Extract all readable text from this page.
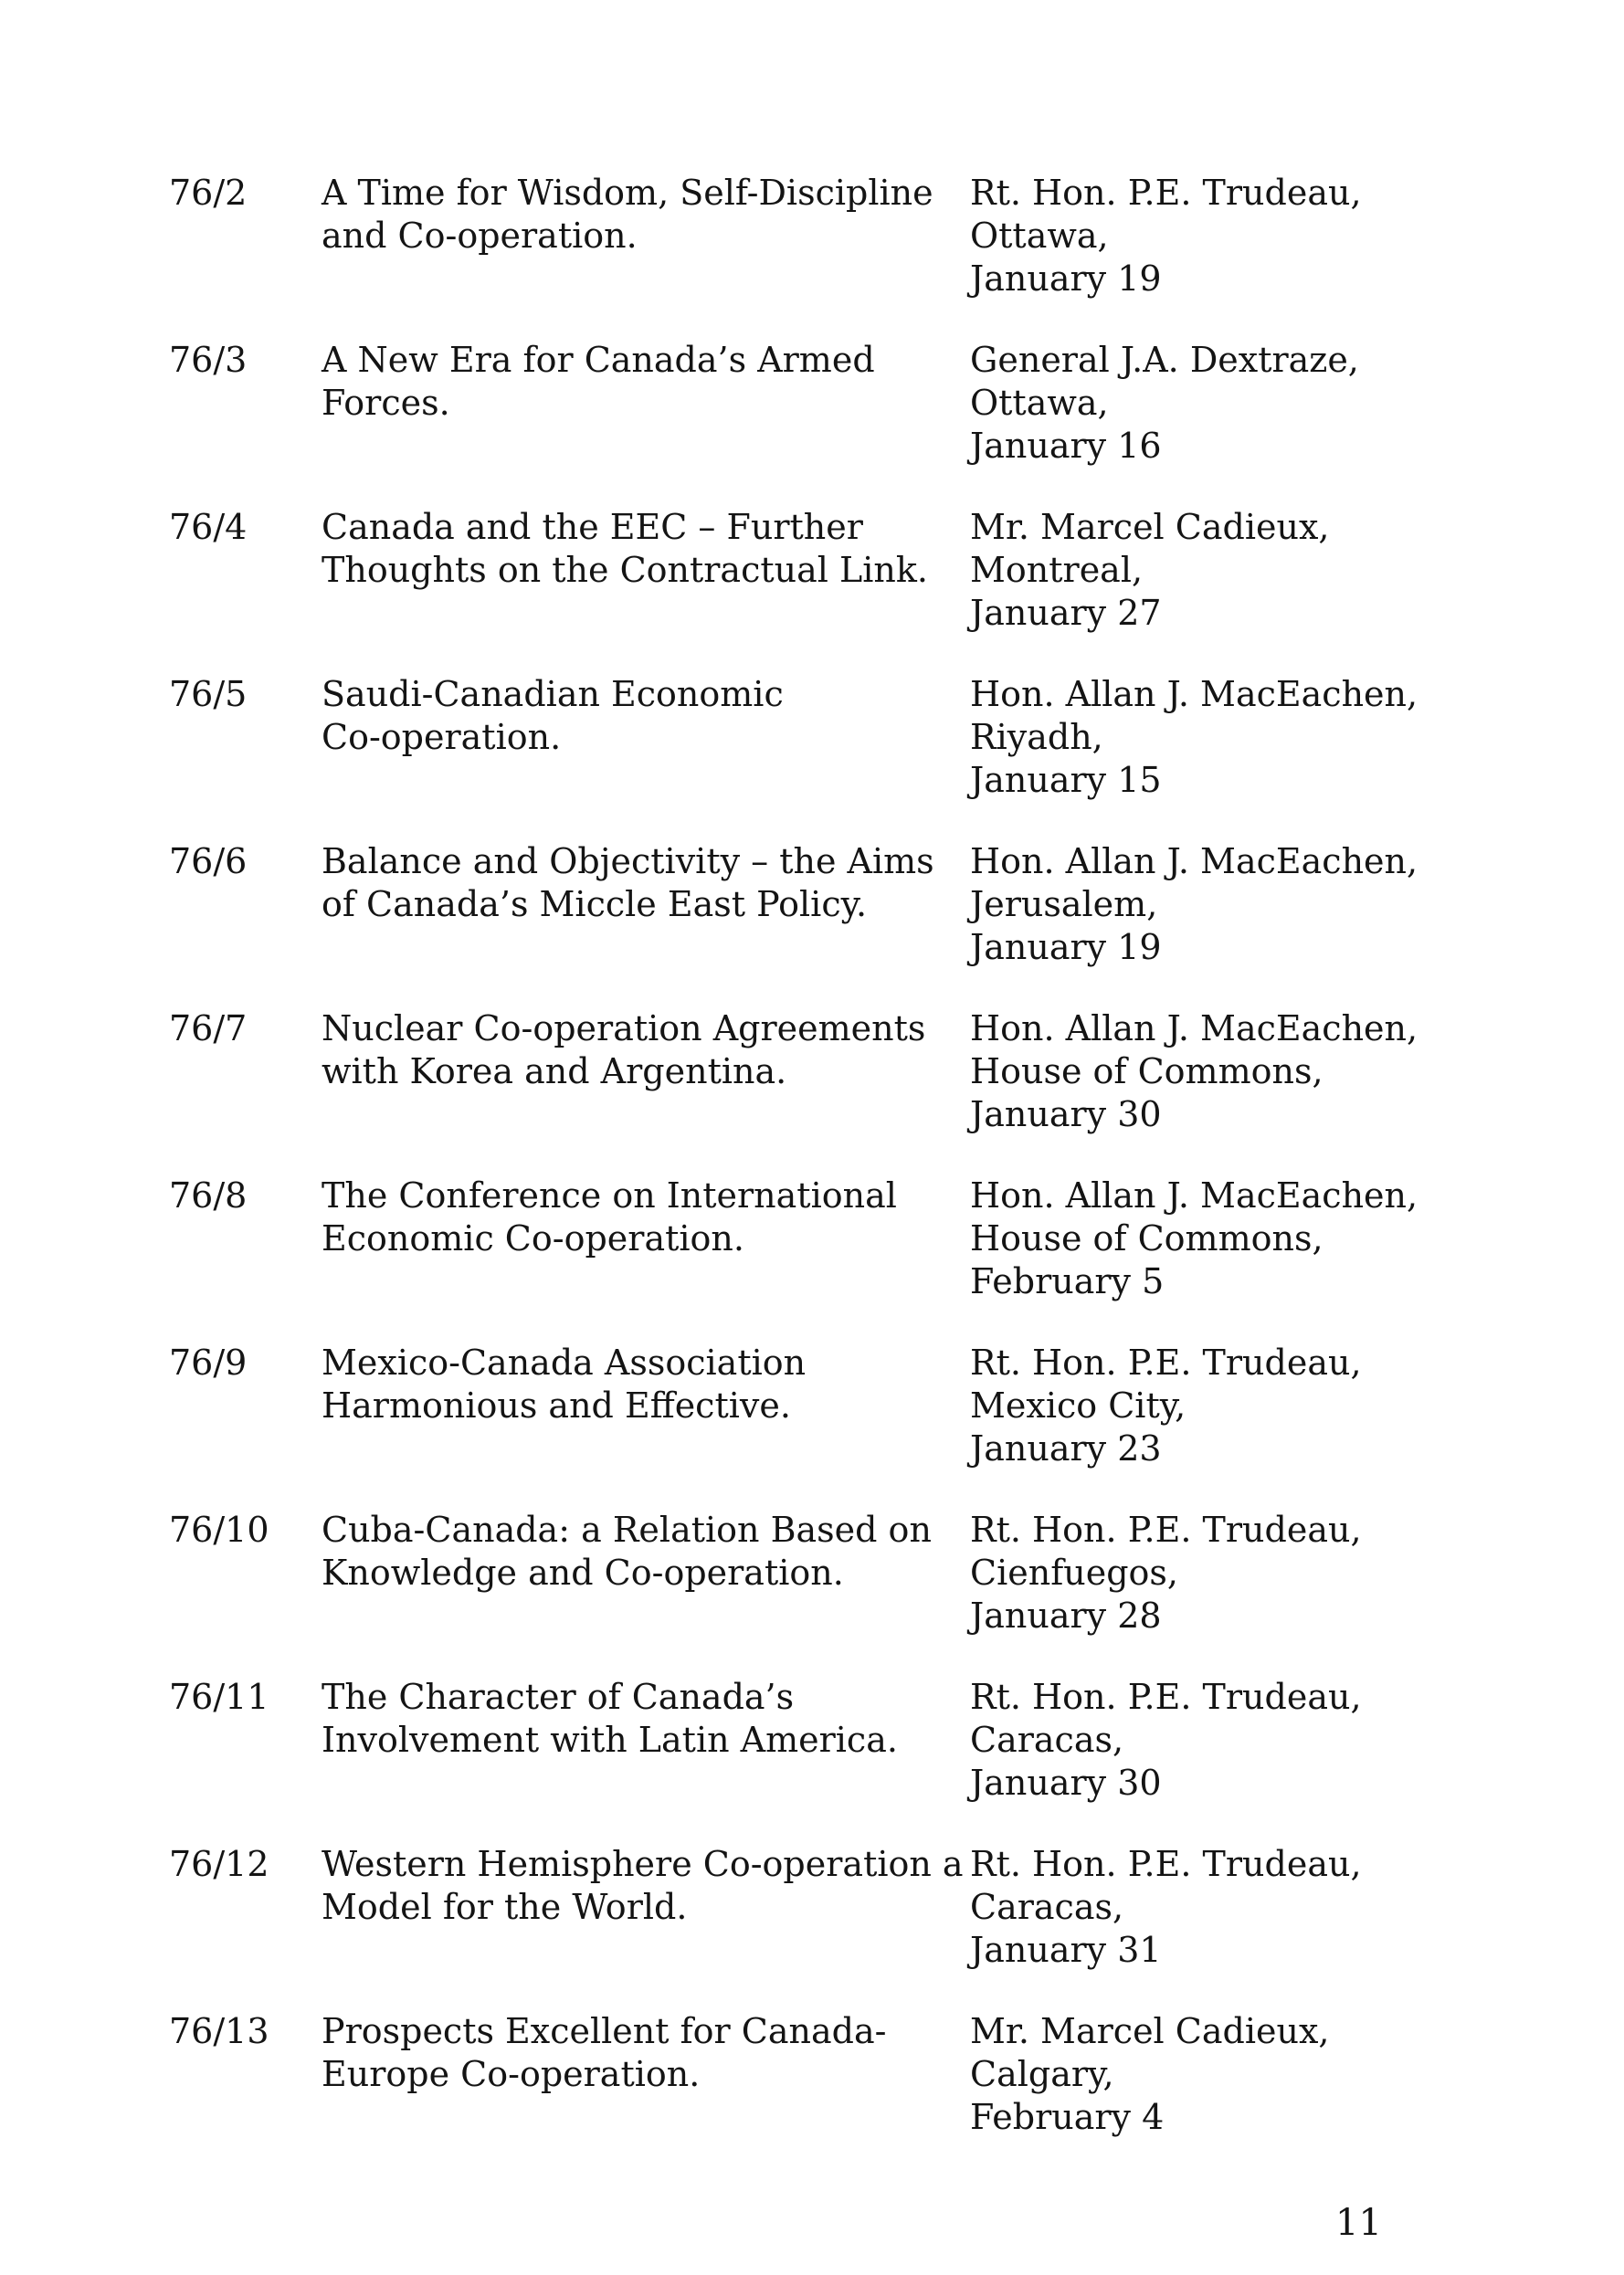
76/2 A Time for Wisdom, Self-Discipline
and Co-operation.
Rt. Hon. P.E. Trudeau,
Ottawa,
January 19
76/3 A New Era for Canada’s Armed
Forces.
General J.A. Dextraze,
Ottawa,
January 16
76/4 Canada and the EEC – Further
Thoughts on the Contractual Link.
Mr. Marcel Cadieux,
Montreal,
January 27
76/5 Saudi-Canadian Economic
Co-operation.
Hon. Allan J. MacEachen,
Riyadh,
January 15
76/6 Balance and Objectivity – the Aims
of Canada’s Miccle East Policy.
Hon. Allan J. MacEachen,
Jerusalem,
January 19
76/7 Nuclear Co-operation Agreements
with Korea and Argentina.
Hon. Allan J. MacEachen,
House of Commons,
January 30
76/8 The Conference on International
Economic Co-operation.
Hon. Allan J. MacEachen,
House of Commons,
February 5
76/9 Mexico-Canada Association
Harmonious and Effective.
Rt. Hon. P.E. Trudeau,
Mexico City,
January 23
76/10 Cuba-Canada: a Relation Based on
Knowledge and Co-operation.
Rt. Hon. P.E. Trudeau,
Cienfuegos,
January 28
76/11 The Character of Canada’s
Involvement with Latin America.
Rt. Hon. P.E. Trudeau,
Caracas,
January 30
76/12 Western Hemisphere Co-operation a
Model for the World.
Rt. Hon. P.E. Trudeau,
Caracas,
January 31
76/13 Prospects Excellent for Canada-
Europe Co-operation.
Mr. Marcel Cadieux,
Calgary,
February 4
11
